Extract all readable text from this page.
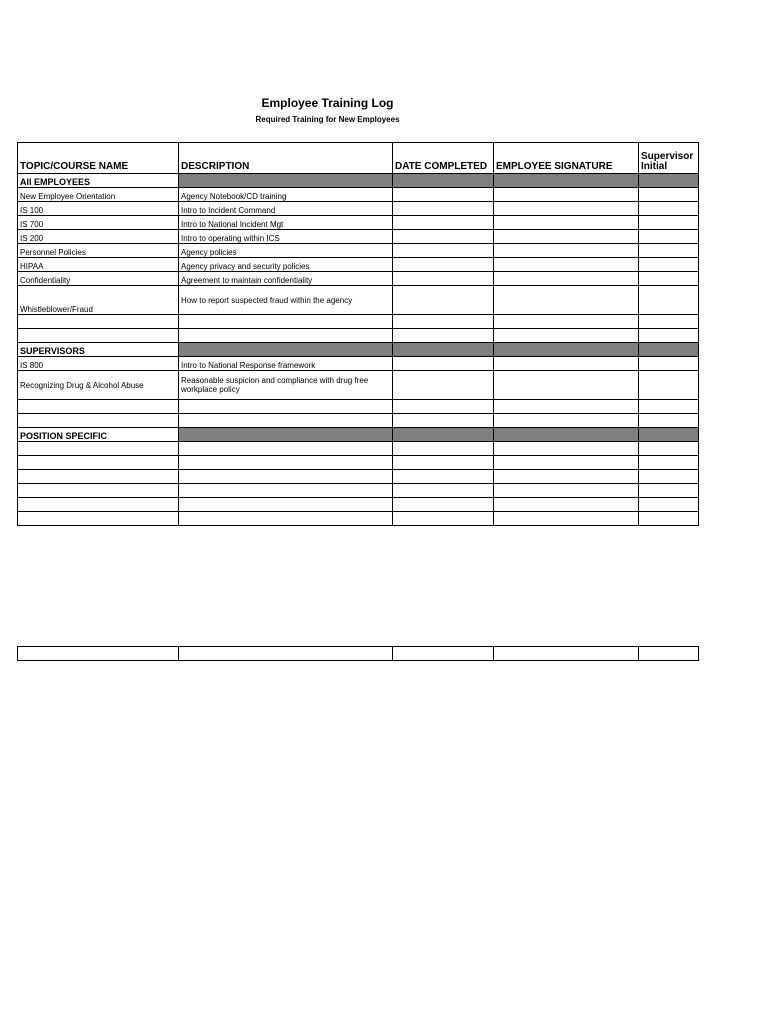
Employee Training Log
Required Training for New Employees
TOPIC/COURSE NAME	DESCRIPTION	DATE COMPLETED	EMPLOYEE SIGNATURE	Supervisor
Initial
All EMPLOYEES				
New Employee Orientation	Agency Notebook/CD training			
IS 100	Intro to Incident Command			
IS 700	Intro to National Incident Mgt			
IS 200	Intro to operating within ICS			
Personnel Policies	Agency policies			
HIPAA	Agency privacy and security policies			
Confidentiality	Agreement to maintain confidentiality			
Whistleblower/Fraud	How to report suspected fraud within the agency			

SUPERVISORS				
IS 800	Intro to National Response framework			
Recognizing Drug & Alcohol Abuse	Reasonable suspicion and compliance with drug free workplace policy			

POSITION SPECIFIC				
